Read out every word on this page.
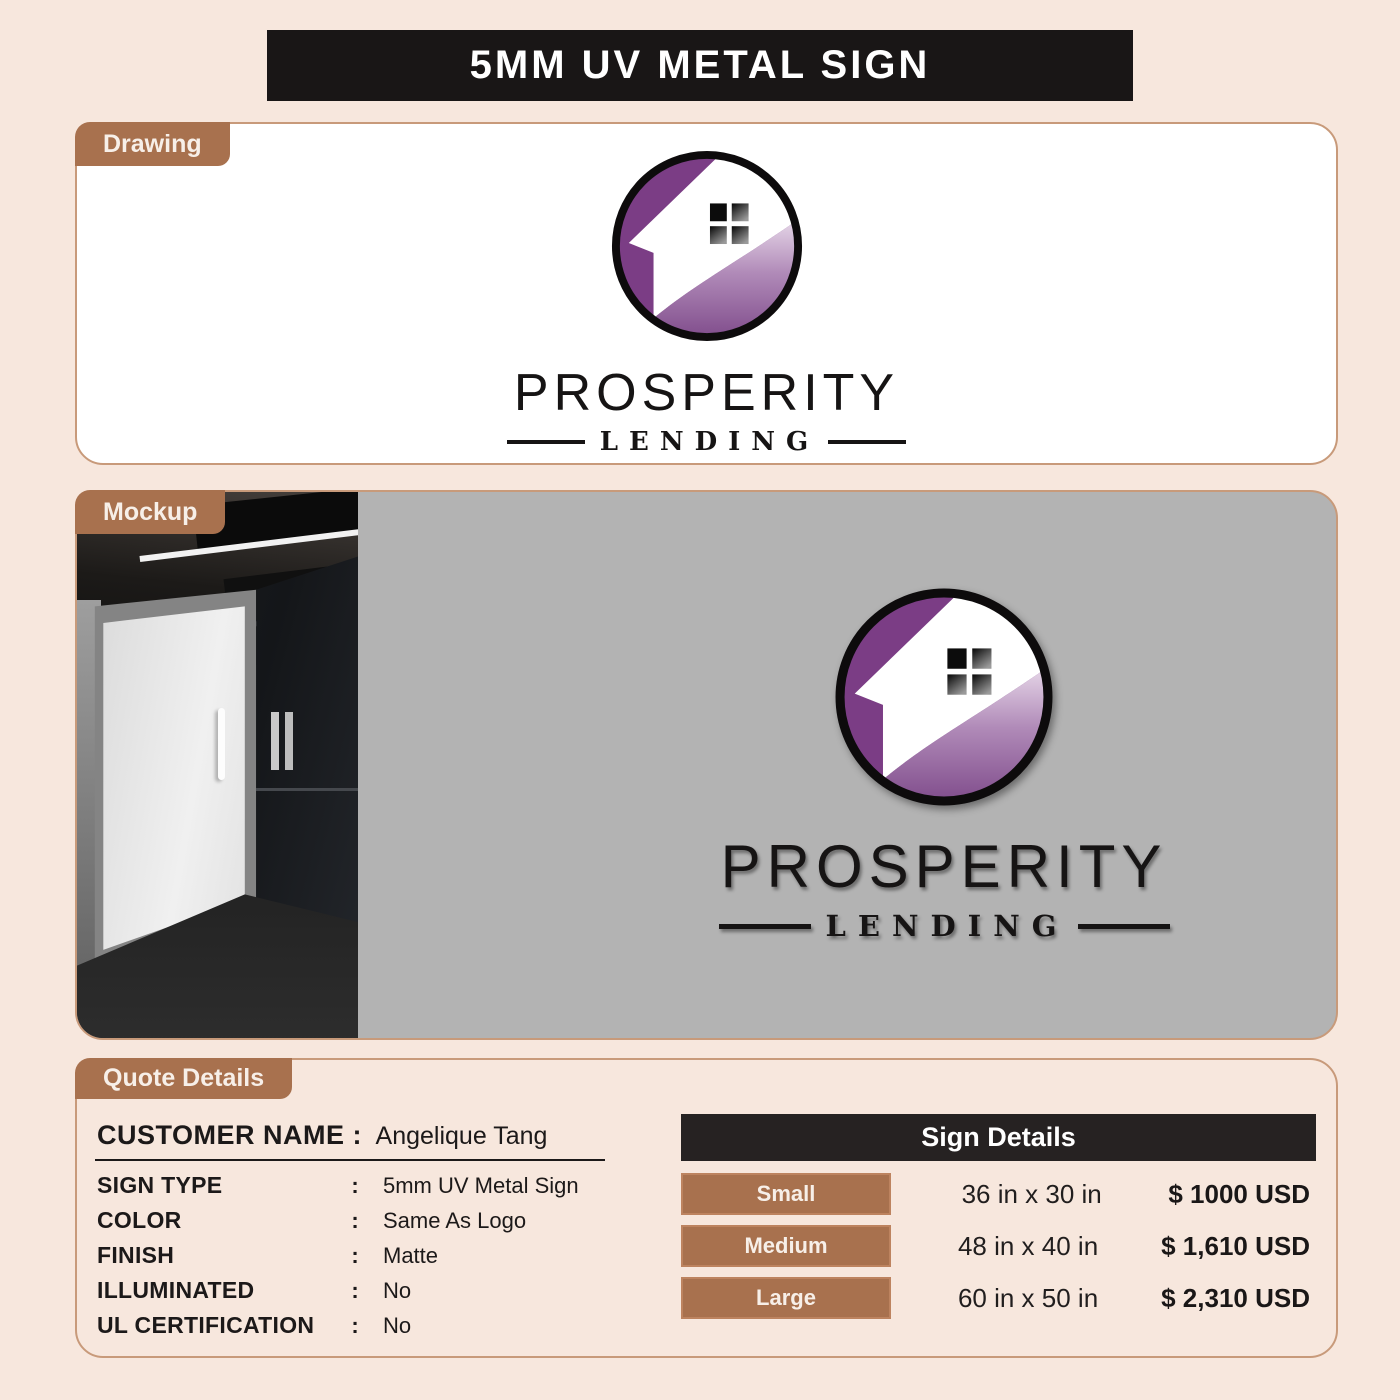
5MM UV METAL SIGN
Drawing
PROSPERITY
LENDING
PROSPERITY
LENDING
Mockup
CUSTOMER NAME : Angelique Tang
SIGN TYPE	:	5mm UV Metal Sign
COLOR	:	Same As Logo
FINISH	:	Matte
ILLUMINATED	:	No
UL CERTIFICATION	:	No
Sign Details
Small	36 in x 30 in	$ 1000 USD
Medium	48 in x 40 in	$ 1,610 USD
Large	60 in x 50 in	$ 2,310 USD
Quote Details
